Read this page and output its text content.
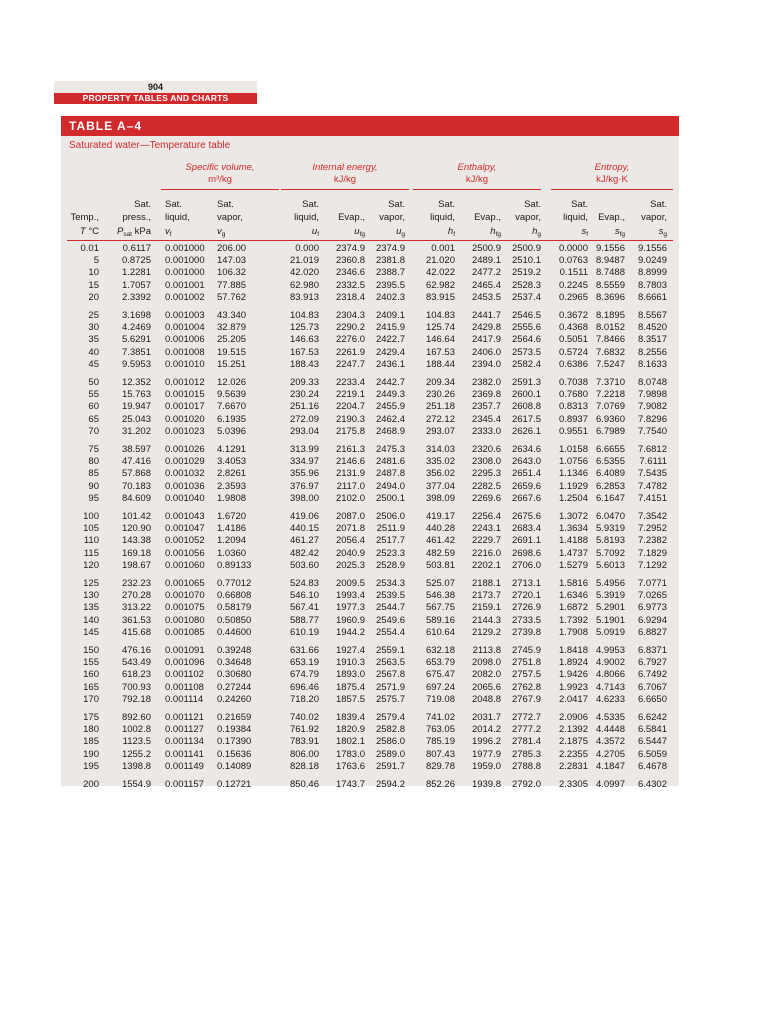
904
PROPERTY TABLES AND CHARTS
TABLE A–4
Saturated water—Temperature table
Specific volume,
m³/kg
Internal energy,
kJ/kg
Enthalpy,
kJ/kg
Entropy,
kJ/kg·K
Temp.,
T °C
Sat.
press.,
$P_{sat}$ kPa
Sat.
liquid,
$v_f$
Sat.
vapor,
$v_g$
Sat.
liquid,
$u_f$
Evap.,
$u_{fg}$
Sat.
vapor,
$u_g$
Sat.
liquid,
$h_f$
Evap.,
$h_{fg}$
Sat.
vapor,
$h_g$
Sat.
liquid,
$s_f$
Evap.,
$s_{fg}$
Sat.
vapor,
$s_g$
0.01
5
10
15
20
25
30
35
40
45
50
55
60
65
70
75
80
85
90
95
100
105
110
115
120
125
130
135
140
145
150
155
160
165
170
175
180
185
190
195
200
0.6117
0.8725
1.2281
1.7057
2.3392
3.1698
4.2469
5.6291
7.3851
9.5953
12.352
15.763
19.947
25.043
31.202
38.597
47.416
57.868
70.183
84.609
101.42
120.90
143.38
169.18
198.67
232.23
270.28
313.22
361.53
415.68
476.16
543.49
618.23
700.93
792.18
892.60
1002.8
1123.5
1255.2
1398.8
1554.9
0.001000
0.001000
0.001000
0.001001
0.001002
0.001003
0.001004
0.001006
0.001008
0.001010
0.001012
0.001015
0.001017
0.001020
0.001023
0.001026
0.001029
0.001032
0.001036
0.001040
0.001043
0.001047
0.001052
0.001056
0.001060
0.001065
0.001070
0.001075
0.001080
0.001085
0.001091
0.001096
0.001102
0.001108
0.001114
0.001121
0.001127
0.001134
0.001141
0.001149
0.001157
206.00
147.03
106.32
77.885
57.762
43.340
32.879
25.205
19.515
15.251
12.026
9.5639
7.6670
6.1935
5.0396
4.1291
3.4053
2.8261
2.3593
1.9808
1.6720
1.4186
1.2094
1.0360
0.89133
0.77012
0.66808
0.58179
0.50850
0.44600
0.39248
0.34648
0.30680
0.27244
0.24260
0.21659
0.19384
0.17390
0.15636
0.14089
0.12721
0.000
21.019
42.020
62.980
83.913
104.83
125.73
146.63
167.53
188.43
209.33
230.24
251.16
272.09
293.04
313.99
334.97
355.96
376.97
398.00
419.06
440.15
461.27
482.42
503.60
524.83
546.10
567.41
588.77
610.19
631.66
653.19
674.79
696.46
718.20
740.02
761.92
783.91
806.00
828.18
850.46
2374.9
2360.8
2346.6
2332.5
2318.4
2304.3
2290.2
2276.0
2261.9
2247.7
2233.4
2219.1
2204.7
2190.3
2175.8
2161.3
2146.6
2131.9
2117.0
2102.0
2087.0
2071.8
2056.4
2040.9
2025.3
2009.5
1993.4
1977.3
1960.9
1944.2
1927.4
1910.3
1893.0
1875.4
1857.5
1839.4
1820.9
1802.1
1783.0
1763.6
1743.7
2374.9
2381.8
2388.7
2395.5
2402.3
2409.1
2415.9
2422.7
2429.4
2436.1
2442.7
2449.3
2455.9
2462.4
2468.9
2475.3
2481.6
2487.8
2494.0
2500.1
2506.0
2511.9
2517.7
2523.3
2528.9
2534.3
2539.5
2544.7
2549.6
2554.4
2559.1
2563.5
2567.8
2571.9
2575.7
2579.4
2582.8
2586.0
2589.0
2591.7
2594.2
0.001
21.020
42.022
62.982
83.915
104.83
125.74
146.64
167.53
188.44
209.34
230.26
251.18
272.12
293.07
314.03
335.02
356.02
377.04
398.09
419.17
440.28
461.42
482.59
503.81
525.07
546.38
567.75
589.16
610.64
632.18
653.79
675.47
697.24
719.08
741.02
763.05
785.19
807.43
829.78
852.26
2500.9
2489.1
2477.2
2465.4
2453.5
2441.7
2429.8
2417.9
2406.0
2394.0
2382.0
2369.8
2357.7
2345.4
2333.0
2320.6
2308.0
2295.3
2282.5
2269.6
2256.4
2243.1
2229.7
2216.0
2202.1
2188.1
2173.7
2159.1
2144.3
2129.2
2113.8
2098.0
2082.0
2065.6
2048.8
2031.7
2014.2
1996.2
1977.9
1959.0
1939.8
2500.9
2510.1
2519.2
2528.3
2537.4
2546.5
2555.6
2564.6
2573.5
2582.4
2591.3
2600.1
2608.8
2617.5
2626.1
2634.6
2643.0
2651.4
2659.6
2667.6
2675.6
2683.4
2691.1
2698.6
2706.0
2713.1
2720.1
2726.9
2733.5
2739.8
2745.9
2751.8
2757.5
2762.8
2767.9
2772.7
2777.2
2781.4
2785.3
2788.8
2792.0
0.0000
0.0763
0.1511
0.2245
0.2965
0.3672
0.4368
0.5051
0.5724
0.6386
0.7038
0.7680
0.8313
0.8937
0.9551
1.0158
1.0756
1.1346
1.1929
1.2504
1.3072
1.3634
1.4188
1.4737
1.5279
1.5816
1.6346
1.6872
1.7392
1.7908
1.8418
1.8924
1.9426
1.9923
2.0417
2.0906
2.1392
2.1875
2.2355
2.2831
2.3305
9.1556
8.9487
8.7488
8.5559
8.3696
8.1895
8.0152
7.8466
7.6832
7.5247
7.3710
7.2218
7.0769
6.9360
6.7989
6.6655
6.5355
6.4089
6.2853
6.1647
6.0470
5.9319
5.8193
5.7092
5.6013
5.4956
5.3919
5.2901
5.1901
5.0919
4.9953
4.9002
4.8066
4.7143
4.6233
4.5335
4.4448
4.3572
4.2705
4.1847
4.0997
9.1556
9.0249
8.8999
8.7803
8.6661
8.5567
8.4520
8.3517
8.2556
8.1633
8.0748
7.9898
7.9082
7.8296
7.7540
7.6812
7.6111
7.5435
7.4782
7.4151
7.3542
7.2952
7.2382
7.1829
7.1292
7.0771
7.0265
6.9773
6.9294
6.8827
6.8371
6.7927
6.7492
6.7067
6.6650
6.6242
6.5841
6.5447
6.5059
6.4678
6.4302
